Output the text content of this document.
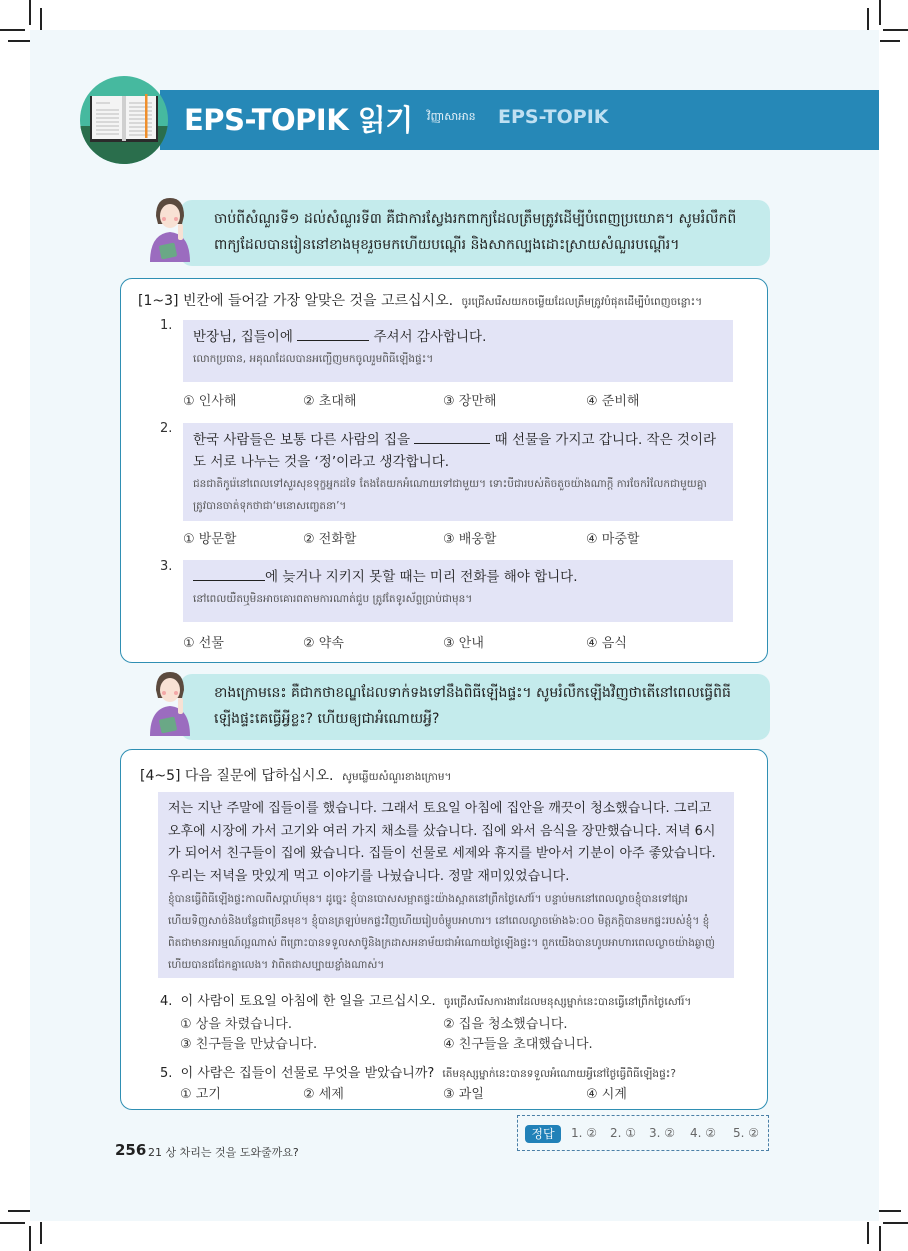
EPS-TOPIK 읽기 វិញ្ញាសាអាន EPS-TOPIK
ចាប់ពីសំណួរទី១ ដល់សំណួរទី៣ គឺជាការស្វែងរកពាក្យដែលត្រឹមត្រូវដើម្បីបំពេញប្រយោគ។ សូមរំលឹកពីពាក្យដែលបានរៀននៅខាងមុខរួចមកហើយបណ្តើរ និងសាកល្បងដោះស្រាយសំណួរបណ្តើរ។
[1~3] 빈칸에 들어갈 가장 알맞은 것을 고르십시오. ចូរជ្រើសរើសយកចម្លើយដែលត្រឹមត្រូវបំផុតដើម្បីបំពេញចន្លោះ។
1.
반장님, 집들이에	주셔서 감사합니다.
លោកប្រធាន, អគុណដែលបានអញ្ជើញមកចូលរួមពិធីឡើងផ្ទះ។
① 인사해	② 초대해	③ 장만해	④ 준비해
2.
한국 사람들은 보통 다른 사람의 집을	때 선물을 가지고 갑니다. 작은 것이라도 서로 나누는 것을 ‘정’이라고 생각합니다.
ជនជាតិកូរ៉េនៅពេលទៅសួរសុខទុក្ខអ្នកដទៃ តែងតែយកអំណោយទៅជាមួយ។ ទោះបីជារបស់តិចតួចយ៉ាងណាក្តី ការចែករំលែកជាមួយគ្នា ត្រូវបានចាត់ទុកថាជា‘មនោសញ្ចេតនា’។
① 방문할	② 전화할	③ 배웅할	④ 마중할
3.
에 늦거나 지키지 못할 때는 미리 전화를 해야 합니다.
នៅពេលយឺតឬមិនអាចគោរពតាមការណាត់ជួប ត្រូវតែទូរស័ព្ទប្រាប់ជាមុន។
① 선물	② 약속	③ 안내	④ 음식
ខាងក្រោមនេះ គឺជាកថាខណ្ឌដែលទាក់ទងទៅនឹងពិធីឡើងផ្ទះ។ សូមរំលឹកឡើងវិញថាតើនៅពេលធ្វើពិធីឡើងផ្ទះគេធ្វើអ្វីខ្លះ? ហើយឲ្យជាអំណោយអ្វី?
[4~5] 다음 질문에 답하십시오. សូមឆ្លើយសំណួរខាងក្រោម។
저는 지난 주말에 집들이를 했습니다. 그래서 토요일 아침에 집안을 깨끗이 청소했습니다. 그리고 오후에 시장에 가서 고기와 여러 가지 채소를 샀습니다. 집에 와서 음식을 장만했습니다. 저녁 6시가 되어서 친구들이 집에 왔습니다. 집들이 선물로 세제와 휴지를 받아서 기분이 아주 좋았습니다. 우리는 저녁을 맛있게 먹고 이야기를 나눴습니다. 정말 재미있었습니다.
ខ្ញុំបានធ្វើពិធីឡើងផ្ទះកាលពីសប្តាហ៍មុន។ ដូច្នេះ ខ្ញុំបានបោសសម្អាតផ្ទះយ៉ាងស្អាតនៅព្រឹកថ្ងៃសៅរ៍។ បន្ទាប់មកនៅពេលល្ងាចខ្ញុំបានទៅផ្សារ ហើយទិញសាច់និងបន្លែជាច្រើនមុខ។ ខ្ញុំបានត្រឡប់មកផ្ទះវិញហើយរៀបចំម្ហូបអាហារ។ នៅពេលល្ងាចម៉ោង៦:០០ មិត្តភក្តិបានមកផ្ទះរបស់ខ្ញុំ។ ខ្ញុំពិតជាមានអារម្មណ៍ល្អណាស់ ពីព្រោះបានទទួលសាប៊ូនិងក្រដាសអនាម័យជាអំណោយថ្ងៃឡើងផ្ទះ។ ពួកយើងបានហូបអាហារពេលល្ងាចយ៉ាងឆ្ងាញ់ ហើយបានជជែកគ្នាលេង។ វាពិតជាសប្បាយខ្លាំងណាស់។
4. 이 사람이 토요일 아침에 한 일을 고르십시오. ចូរជ្រើសរើសការងារដែលមនុស្សម្នាក់នេះបានធ្វើនៅព្រឹកថ្ងៃសៅរ៍។
① 상을 차렸습니다.	② 집을 청소했습니다.
③ 친구들을 만났습니다.	④ 친구들을 초대했습니다.
5. 이 사람은 집들이 선물로 무엇을 받았습니까? តើមនុស្សម្នាក់នេះបានទទួលអំណោយអ្វីនៅថ្ងៃធ្វើពិធីឡើងផ្ទះ?
① 고기	② 세제	③ 과일	④ 시계
정답	1. ② 2. ① 3. ② 4. ② 5. ②
256 21 상 차리는 것을 도와줄까요?
